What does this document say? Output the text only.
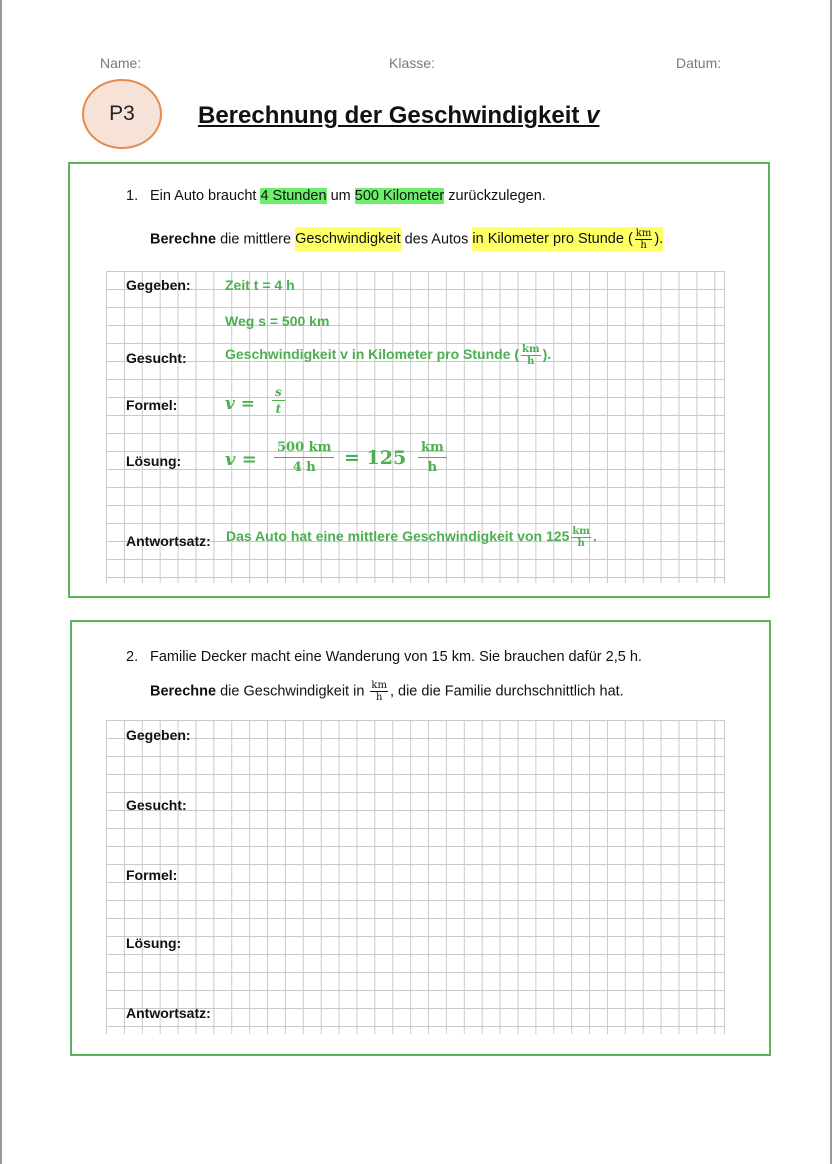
Name:	Klasse:	Datum:
P3	Berechnung der Geschwindigkeit v
1. Ein Auto braucht 4 Stunden um 500 Kilometer zurückzulegen.
Berechne die mittlere Geschwindigkeit des Autos in Kilometer pro Stunde ( $\frac{km}{h}$ ).
Gegeben: Zeit t = 4 h
Weg s = 500 km
Gesucht:	Geschwindigkeit v in Kilometer pro Stunde ( $\frac{km}{h}$ ).
Formel:	$v = \frac{s}{t}$
Lösung: $v = \frac{500 km}{4 h} = 125 \frac{km}{h}$
Antwortsatz: Das Auto hat eine mittlere Geschwindigkeit von $125 \frac{km}{h}$ .
2. Familie Decker macht eine Wanderung von 15 km. Sie brauchen dafür 2,5 h.
Berechne die Geschwindigkeit in $\frac{km}{h}$ , die die Familie durchschnittlich hat.
Gegeben:
Gesucht:
Formel:
Lösung:
Antwortsatz:
